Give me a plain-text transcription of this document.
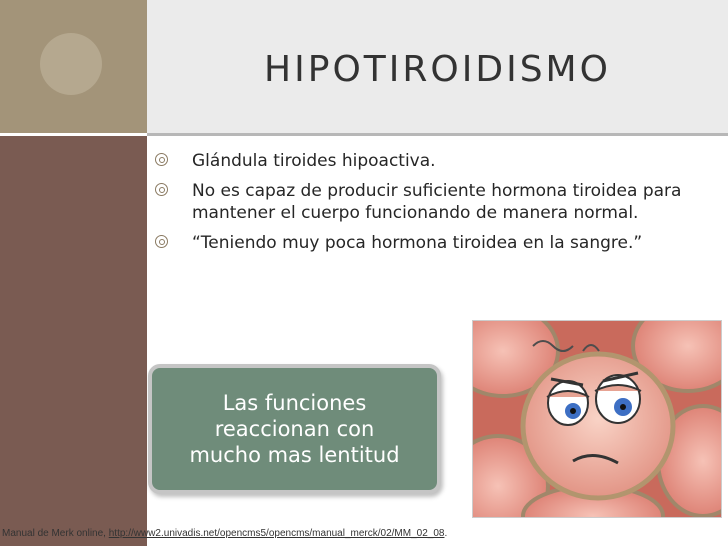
HIPOTIROIDISMO
Glándula tiroides hipoactiva.
No es capaz de producir suficiente hormona tiroidea para mantener el cuerpo funcionando de manera normal.
“Teniendo muy poca hormona tiroidea en la sangre.”
Las funciones
reaccionan con
mucho mas lentitud
Manual de Merk online, http://www2.univadis.net/opencms5/opencms/manual_merck/02/MM_02_08.
